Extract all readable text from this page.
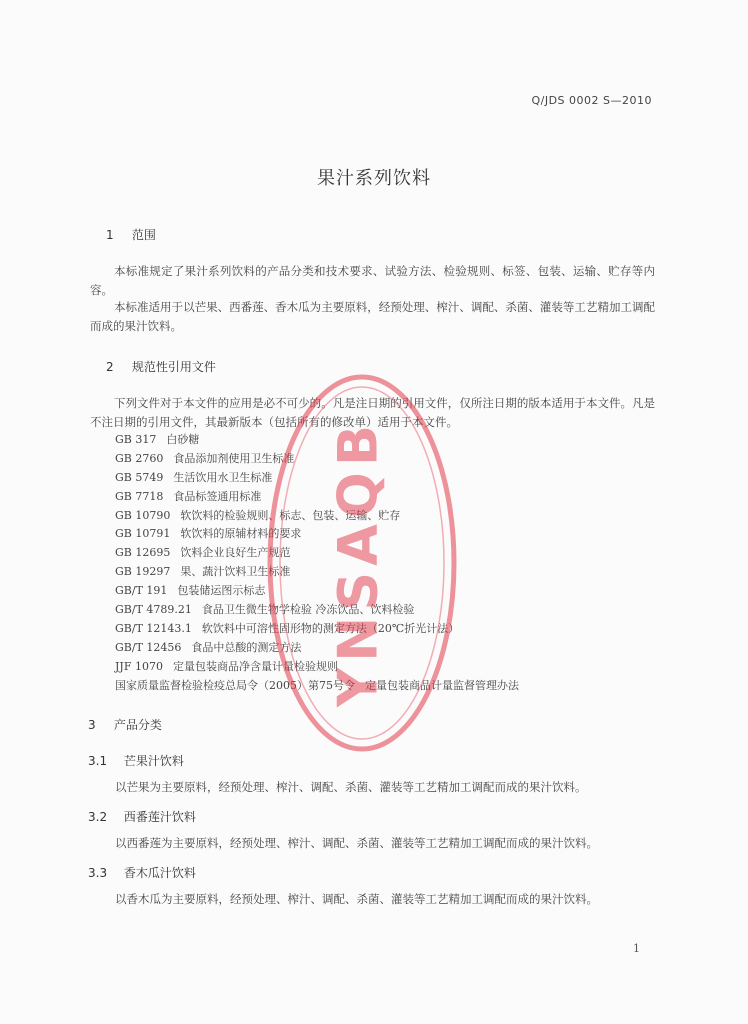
Q/JDS 0002 S—2010
果汁系列饮料
1 范围
本标准规定了果汁系列饮料的产品分类和技术要求、试验方法、检验规则、标签、包装、运输、贮存等内容。
本标准适用于以芒果、西番莲、香木瓜为主要原料，经预处理、榨汁、调配、杀菌、灌装等工艺精加工调配而成的果汁饮料。
2 规范性引用文件
下列文件对于本文件的应用是必不可少的。凡是注日期的引用文件，仅所注日期的版本适用于本文件。凡是不注日期的引用文件，其最新版本（包括所有的修改单）适用于本文件。
GB 317 白砂糖
GB 2760 食品添加剂使用卫生标准
GB 5749 生活饮用水卫生标准
GB 7718 食品标签通用标准
GB 10790 软饮料的检验规则、标志、包装、运输、贮存
GB 10791 软饮料的原辅材料的要求
GB 12695 饮料企业良好生产规范
GB 19297 果、蔬汁饮料卫生标准
GB/T 191 包装储运图示标志
GB/T 4789.21 食品卫生微生物学检验 冷冻饮品、饮料检验
GB/T 12143.1 软饮料中可溶性固形物的测定方法（20℃折光计法）
GB/T 12456 食品中总酸的测定方法
JJF 1070 定量包装商品净含量计量检验规则
国家质量监督检验检疫总局令（2005）第75号令 定量包装商品计量监督管理办法
3 产品分类
3.1 芒果汁饮料
以芒果为主要原料，经预处理、榨汁、调配、杀菌、灌装等工艺精加工调配而成的果汁饮料。
3.2 西番莲汁饮料
以西番莲为主要原料，经预处理、榨汁、调配、杀菌、灌装等工艺精加工调配而成的果汁饮料。
3.3 香木瓜汁饮料
以香木瓜为主要原料，经预处理、榨汁、调配、杀菌、灌装等工艺精加工调配而成的果汁饮料。
1
YNSAQB
